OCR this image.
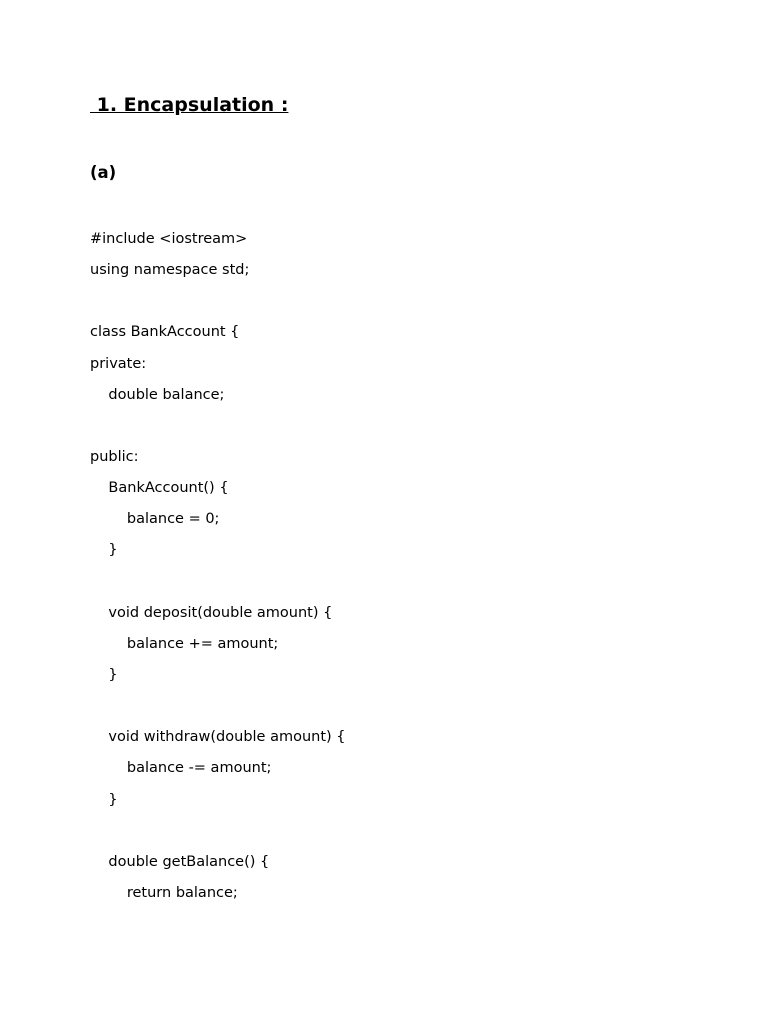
1. Encapsulation :
(a)
#include <iostream>
using namespace std;
class BankAccount {
private:
double balance;
public:
BankAccount() {
balance = 0;
}
void deposit(double amount) {
balance += amount;
}
void withdraw(double amount) {
balance -= amount;
}
double getBalance() {
return balance;
